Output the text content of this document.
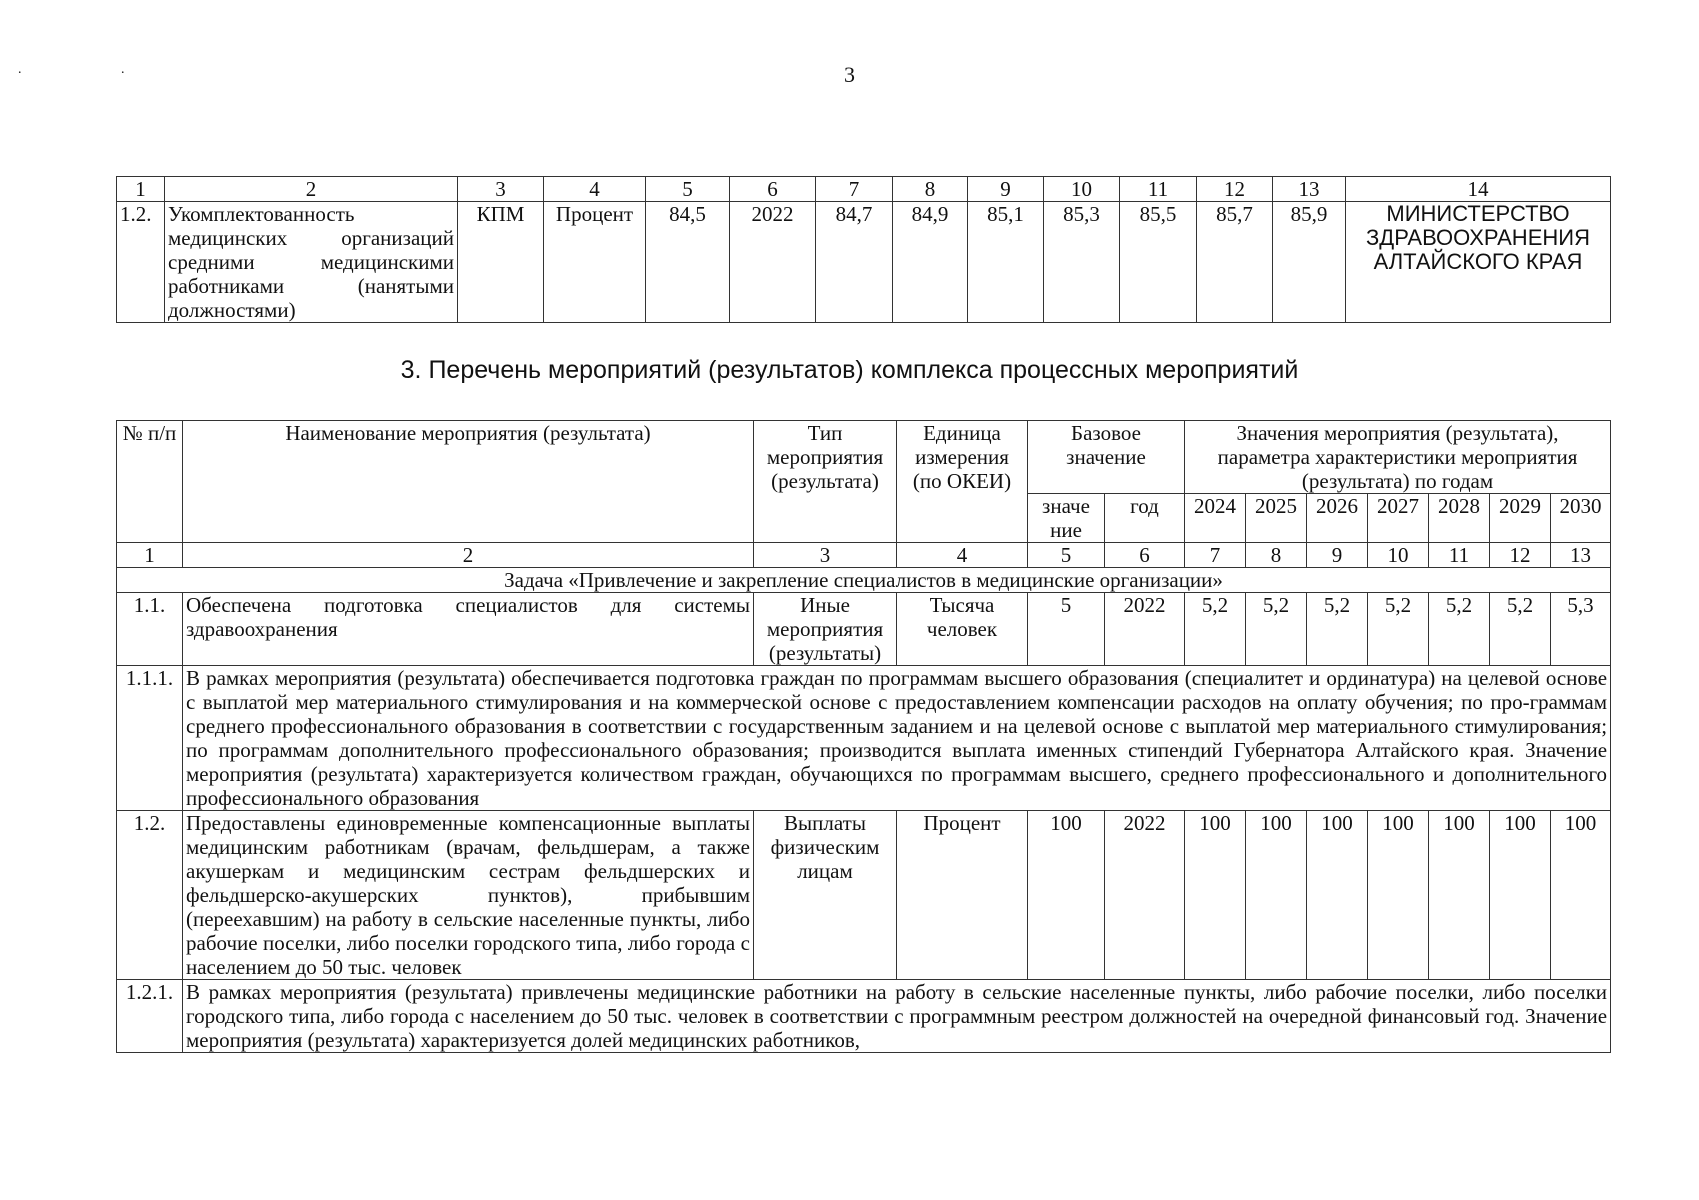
. .	3
1	2	3	4	5	6	7	8	9	10	11	12	13	14
1.2.	Укомплектованность медицинских организаций средними медицинскими работниками (нанятыми должностями)	КПМ	Процент	84,5	2022	84,7	84,9	85,1	85,3	85,5	85,7	85,9	МИНИСТЕРСТВО ЗДРАВООХРАНЕНИЯ АЛТАЙСКОГО КРАЯ
3. Перечень мероприятий (результатов) комплекса процессных мероприятий
№ п/п	Наименование мероприятия (результата)	Тип мероприятия (результата)	Единица измерения (по ОКЕИ)	Базовое значение		Значения мероприятия (результата), параметра характеристики мероприятия (результата) по годам						
				значе ние	год	2024	2025	2026	2027	2028	2029	2030
1	2	3	4	5	6	7	8	9	10	11	12	13
Задача «Привлечение и закрепление специалистов в медицинские организации»												
1.1.	Обеспечена подготовка специалистов для системы здравоохранения	Иные мероприятия (результаты)	Тысяча человек	5	2022	5,2	5,2	5,2	5,2	5,2	5,2	5,3
1.1.1.	В рамках мероприятия (результата) обеспечивается подготовка граждан по программам высшего образования (специалитет и ординатура) на целевой основе с выплатой мер материального стимулирования и на коммерческой основе с предоставлением компенсации расходов на оплату обучения; по про-граммам среднего профессионального образования в соответствии с государственным заданием и на целевой основе с выплатой мер материального стимулирования; по программам дополнительного профессионального образования; производится выплата именных стипендий Губернатора Алтайского края. Значение мероприятия (результата) характеризуется количеством граждан, обучающихся по программам высшего, среднего профессионального и дополнительного профессионального образования											
1.2.	Предоставлены единовременные компенсационные выплаты медицинским работникам (врачам, фельдшерам, а также акушеркам и медицинским сестрам фельдшерских и фельдшерско-акушерских пунктов), прибывшим (переехавшим) на работу в сельские населенные пункты, либо рабочие поселки, либо поселки городского типа, либо города с населением до 50 тыс. человек	Выплаты физическим лицам	Процент	100	2022	100	100	100	100	100	100	100
1.2.1.	В рамках мероприятия (результата) привлечены медицинские работники на работу в сельские населенные пункты, либо рабочие поселки, либо поселки городского типа, либо города с населением до 50 тыс. человек в соответствии с программным реестром должностей на очередной финансовый год. Значение мероприятия (результата) характеризуется долей медицинских работников,											
